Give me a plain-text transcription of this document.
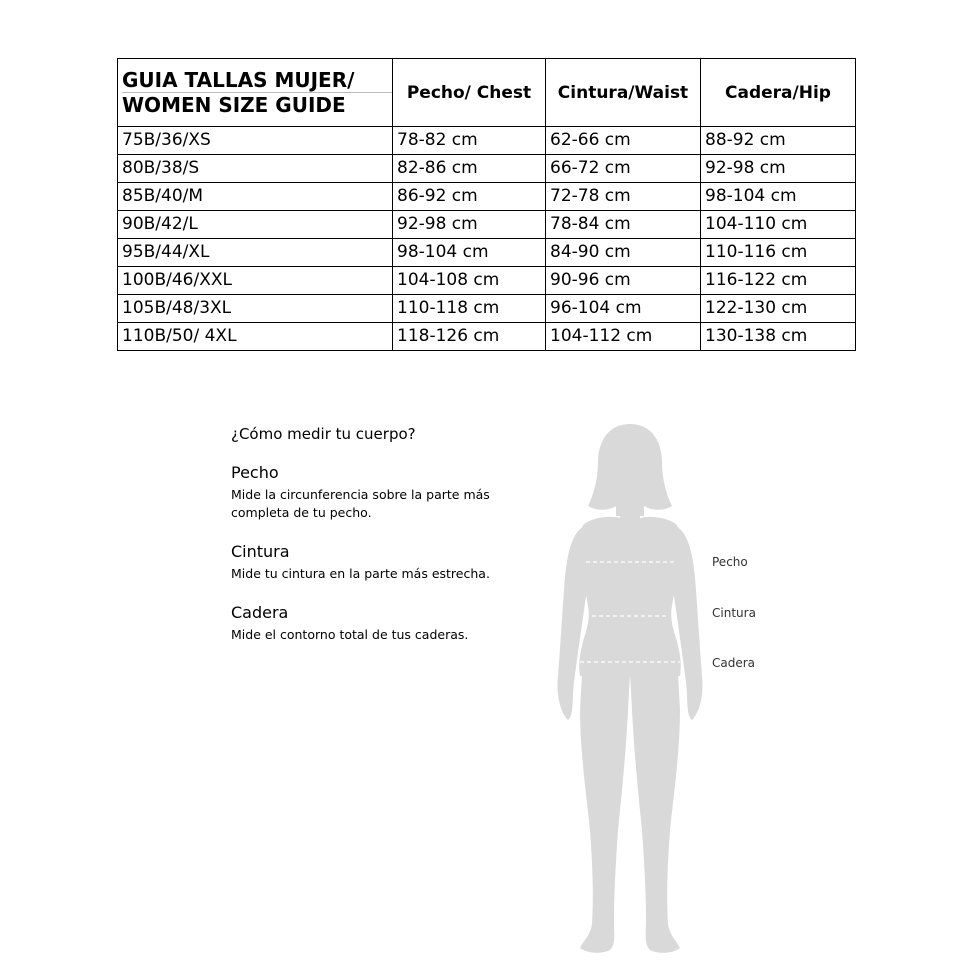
GUIA TALLAS MUJER/
WOMEN SIZE GUIDE	Pecho/ Chest	Cintura/Waist	Cadera/Hip
75B/36/XS	78-82 cm	62-66 cm	88-92 cm
80B/38/S	82-86 cm	66-72 cm	92-98 cm
85B/40/M	86-92 cm	72-78 cm	98-104 cm
90B/42/L	92-98 cm	78-84 cm	104-110 cm
95B/44/XL	98-104 cm	84-90 cm	110-116 cm
100B/46/XXL	104-108 cm	90-96 cm	116-122 cm
105B/48/3XL	110-118 cm	96-104 cm	122-130 cm
110B/50/ 4XL	118-126 cm	104-112 cm	130-138 cm
¿Cómo medir tu cuerpo?
Pecho
Mide la circunferencia sobre la parte más completa de tu pecho.
Cintura
Mide tu cintura en la parte más estrecha.
Cadera
Mide el contorno total de tus caderas.
Pecho
Cintura
Cadera
